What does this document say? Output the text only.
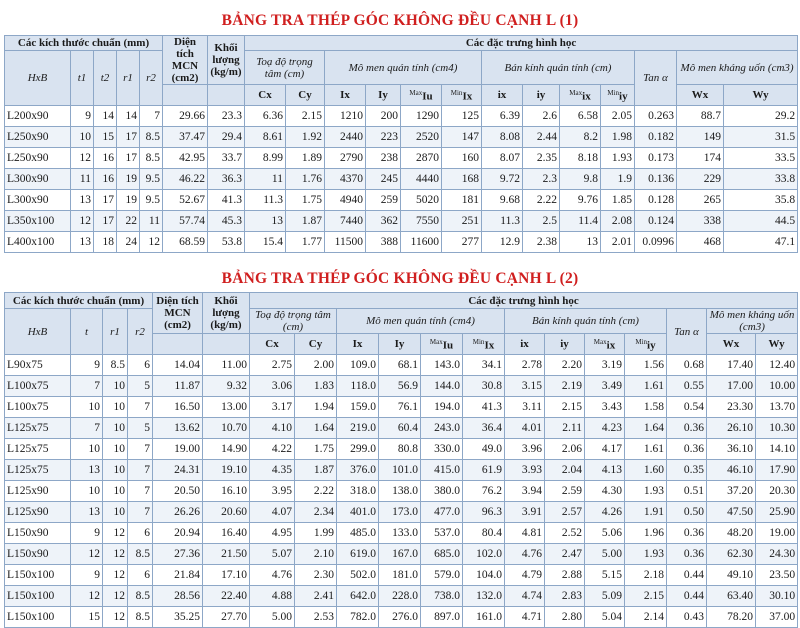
BẢNG TRA THÉP GÓC KHÔNG ĐỀU CẠNH L (1)
Các kích thước chuẩn (mm)					Diện tích MCN (cm2)	Khối lượng (kg/m)	Các đặc trưng hình học												
HxB	t1	t2	r1	r2			Toạ độ trọng tâm (cm)		Mô men quán tính (cm4)				Bán kính quán tính (cm)				Tan α	Mô men kháng uốn (cm3)	
							Cx	Cy	Ix	Iy	$^{Max}$Iu	$^{Min}$Ix	ix	iy	$^{Max}$ix	$^{Min}$iy		Wx	Wy
L200x90	9	14	14	7	29.66	23.3	6.36	2.15	1210	200	1290	125	6.39	2.6	6.58	2.05	0.263	88.7	29.2
L250x90	10	15	17	8.5	37.47	29.4	8.61	1.92	2440	223	2520	147	8.08	2.44	8.2	1.98	0.182	149	31.5
L250x90	12	16	17	8.5	42.95	33.7	8.99	1.89	2790	238	2870	160	8.07	2.35	8.18	1.93	0.173	174	33.5
L300x90	11	16	19	9.5	46.22	36.3	11	1.76	4370	245	4440	168	9.72	2.3	9.8	1.9	0.136	229	33.8
L300x90	13	17	19	9.5	52.67	41.3	11.3	1.75	4940	259	5020	181	9.68	2.22	9.76	1.85	0.128	265	35.8
L350x100	12	17	22	11	57.74	45.3	13	1.87	7440	362	7550	251	11.3	2.5	11.4	2.08	0.124	338	44.5
L400x100	13	18	24	12	68.59	53.8	15.4	1.77	11500	388	11600	277	12.9	2.38	13	2.01	0.0996	468	47.1
BẢNG TRA THÉP GÓC KHÔNG ĐỀU CẠNH L (2)
Các kích thước chuẩn (mm)				Diện tích MCN (cm2)	Khối lượng (kg/m)	Các đặc trưng hình học												
HxB	t	r1	r2			Toạ độ trọng tâm (cm)		Mô men quán tính (cm4)				Bán kính quán tính (cm)				Tan α	Mô men kháng uốn (cm3)	
						Cx	Cy	Ix	Iy	$^{Max}$Iu	$^{Min}$Ix	ix	iy	$^{Max}$ix	$^{Min}$iy		Wx	Wy
L90x75	9	8.5	6	14.04	11.00	2.75	2.00	109.0	68.1	143.0	34.1	2.78	2.20	3.19	1.56	0.68	17.40	12.40
L100x75	7	10	5	11.87	9.32	3.06	1.83	118.0	56.9	144.0	30.8	3.15	2.19	3.49	1.61	0.55	17.00	10.00
L100x75	10	10	7	16.50	13.00	3.17	1.94	159.0	76.1	194.0	41.3	3.11	2.15	3.43	1.58	0.54	23.30	13.70
L125x75	7	10	5	13.62	10.70	4.10	1.64	219.0	60.4	243.0	36.4	4.01	2.11	4.23	1.64	0.36	26.10	10.30
L125x75	10	10	7	19.00	14.90	4.22	1.75	299.0	80.8	330.0	49.0	3.96	2.06	4.17	1.61	0.36	36.10	14.10
L125x75	13	10	7	24.31	19.10	4.35	1.87	376.0	101.0	415.0	61.9	3.93	2.04	4.13	1.60	0.35	46.10	17.90
L125x90	10	10	7	20.50	16.10	3.95	2.22	318.0	138.0	380.0	76.2	3.94	2.59	4.30	1.93	0.51	37.20	20.30
L125x90	13	10	7	26.26	20.60	4.07	2.34	401.0	173.0	477.0	96.3	3.91	2.57	4.26	1.91	0.50	47.50	25.90
L150x90	9	12	6	20.94	16.40	4.95	1.99	485.0	133.0	537.0	80.4	4.81	2.52	5.06	1.96	0.36	48.20	19.00
L150x90	12	12	8.5	27.36	21.50	5.07	2.10	619.0	167.0	685.0	102.0	4.76	2.47	5.00	1.93	0.36	62.30	24.30
L150x100	9	12	6	21.84	17.10	4.76	2.30	502.0	181.0	579.0	104.0	4.79	2.88	5.15	2.18	0.44	49.10	23.50
L150x100	12	12	8.5	28.56	22.40	4.88	2.41	642.0	228.0	738.0	132.0	4.74	2.83	5.09	2.15	0.44	63.40	30.10
L150x100	15	12	8.5	35.25	27.70	5.00	2.53	782.0	276.0	897.0	161.0	4.71	2.80	5.04	2.14	0.43	78.20	37.00
